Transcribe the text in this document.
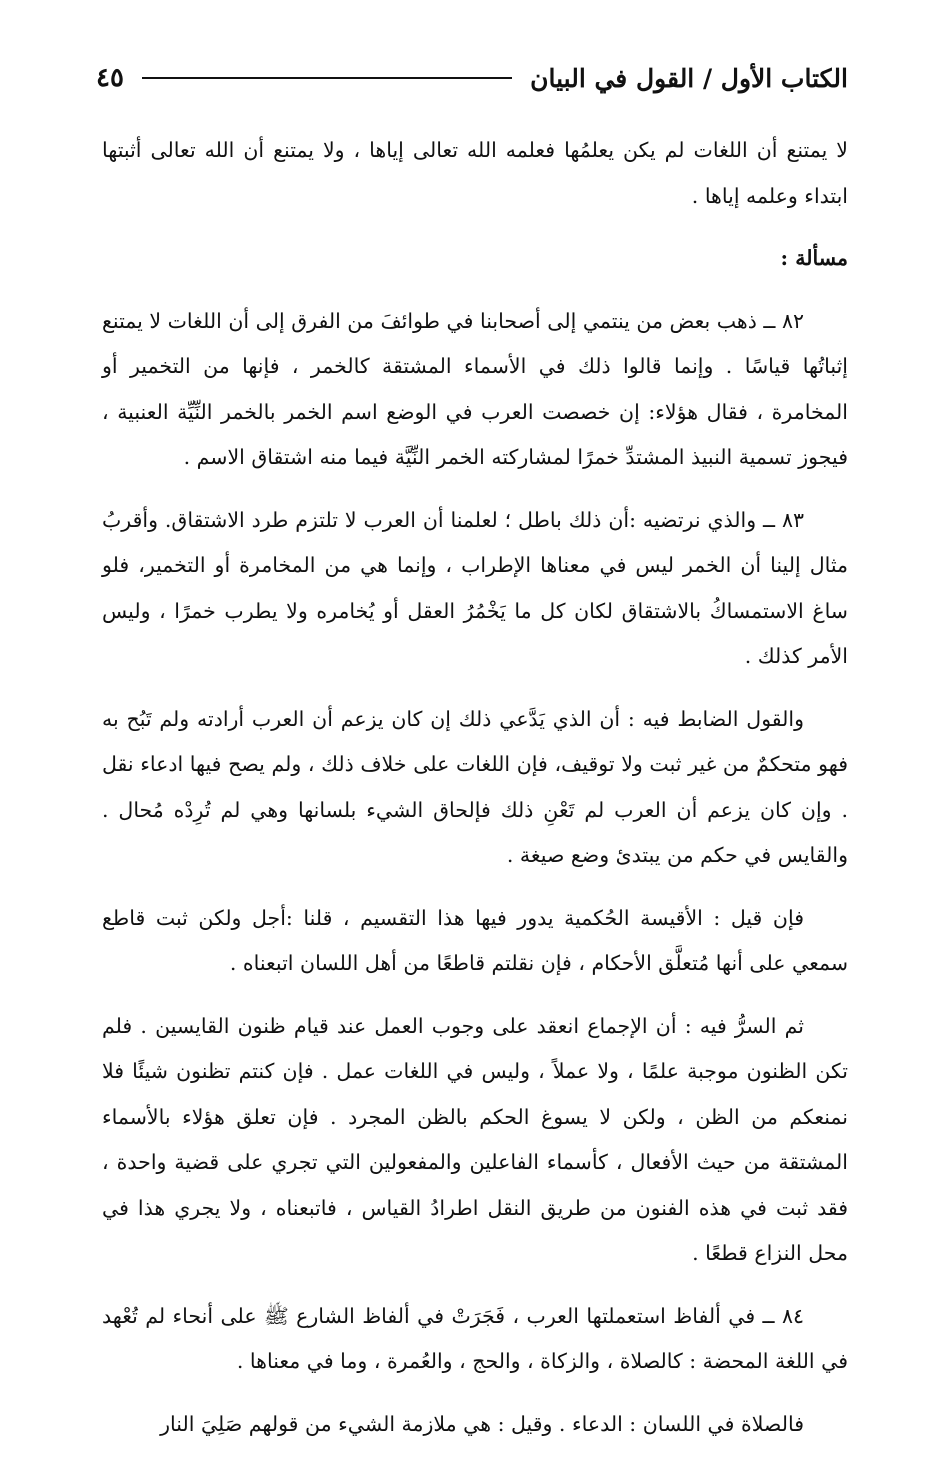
الكتاب الأول / القول في البيان
٤٥

لا يمتنع أن اللغات لم يكن يعلمُها فعلمه الله تعالى إياها ، ولا يمتنع أن الله تعالى أثبتها ابتداء وعلمه إياها .

مسألة :

٨٢ ــ ذهب بعض من ينتمي إلى أصحابنا في طوائفَ من الفرق إلى أن اللغات لا يمتنع إثباتُها قياسًا . وإنما قالوا ذلك في الأسماء المشتقة كالخمر ، فإنها من التخمير أو المخامرة ، فقال هؤلاء: إن خصصت العرب في الوضع اسم الخمر بالخمر النِّيِّة العنبية ، فيجوز تسمية النبيذ المشتدِّ خمرًا لمشاركته الخمر النِّيَّة فيما منه اشتقاق الاسم .

٨٣ ــ والذي نرتضيه :أن ذلك باطل ؛ لعلمنا أن العرب لا تلتزم طرد الاشتقاق. وأقربُ مثال إلينا أن الخمر ليس في معناها الإطراب ، وإنما هي من المخامرة أو التخمير، فلو ساغ الاستمساكُ بالاشتقاق لكان كل ما يَخْمُرُ العقل أو يُخامره ولا يطرب خمرًا ، وليس الأمر كذلك .

والقول الضابط فيه : أن الذي يَدَّعي ذلك إن كان يزعم أن العرب أرادته ولم تَبُح به فهو متحكمٌ من غير ثبت ولا توقيف، فإن اللغات على خلاف ذلك ، ولم يصح فيها ادعاء نقل . وإن كان يزعم أن العرب لم تَعْنِ ذلك فإلحاق الشيء بلسانها وهي لم تُرِدْه مُحال . والقايس في حكم من يبتدئ وضع صيغة .

فإن قيل : الأقيسة الحُكمية يدور فيها هذا التقسيم ، قلنا :أجل ولكن ثبت قاطع سمعي على أنها مُتعلَّق الأحكام ، فإن نقلتم قاطعًا من أهل اللسان اتبعناه .

ثم السرُّ فيه : أن الإجماع انعقد على وجوب العمل عند قيام ظنون القايسين . فلم تكن الظنون موجبة علمًا ، ولا عملاً ، وليس في اللغات عمل . فإن كنتم تظنون شيئًا فلا نمنعكم من الظن ، ولكن لا يسوغ الحكم بالظن المجرد . فإن تعلق هؤلاء بالأسماء المشتقة من حيث الأفعال ، كأسماء الفاعلين والمفعولين التي تجري على قضية واحدة ، فقد ثبت في هذه الفنون من طريق النقل اطرادُ القياس ، فاتبعناه ، ولا يجري هذا في محل النزاع قطعًا .

٨٤ ــ في ألفاظ استعملتها العرب ، فَجَرَتْ في ألفاظ الشارع ﷺ على أنحاء لم تُعْهد في اللغة المحضة : كالصلاة ، والزكاة ، والحج ، والعُمرة ، وما في معناها .

فالصلاة في اللسان : الدعاء . وقيل : هي ملازمة الشيء من قولهم صَلِيَ النار
